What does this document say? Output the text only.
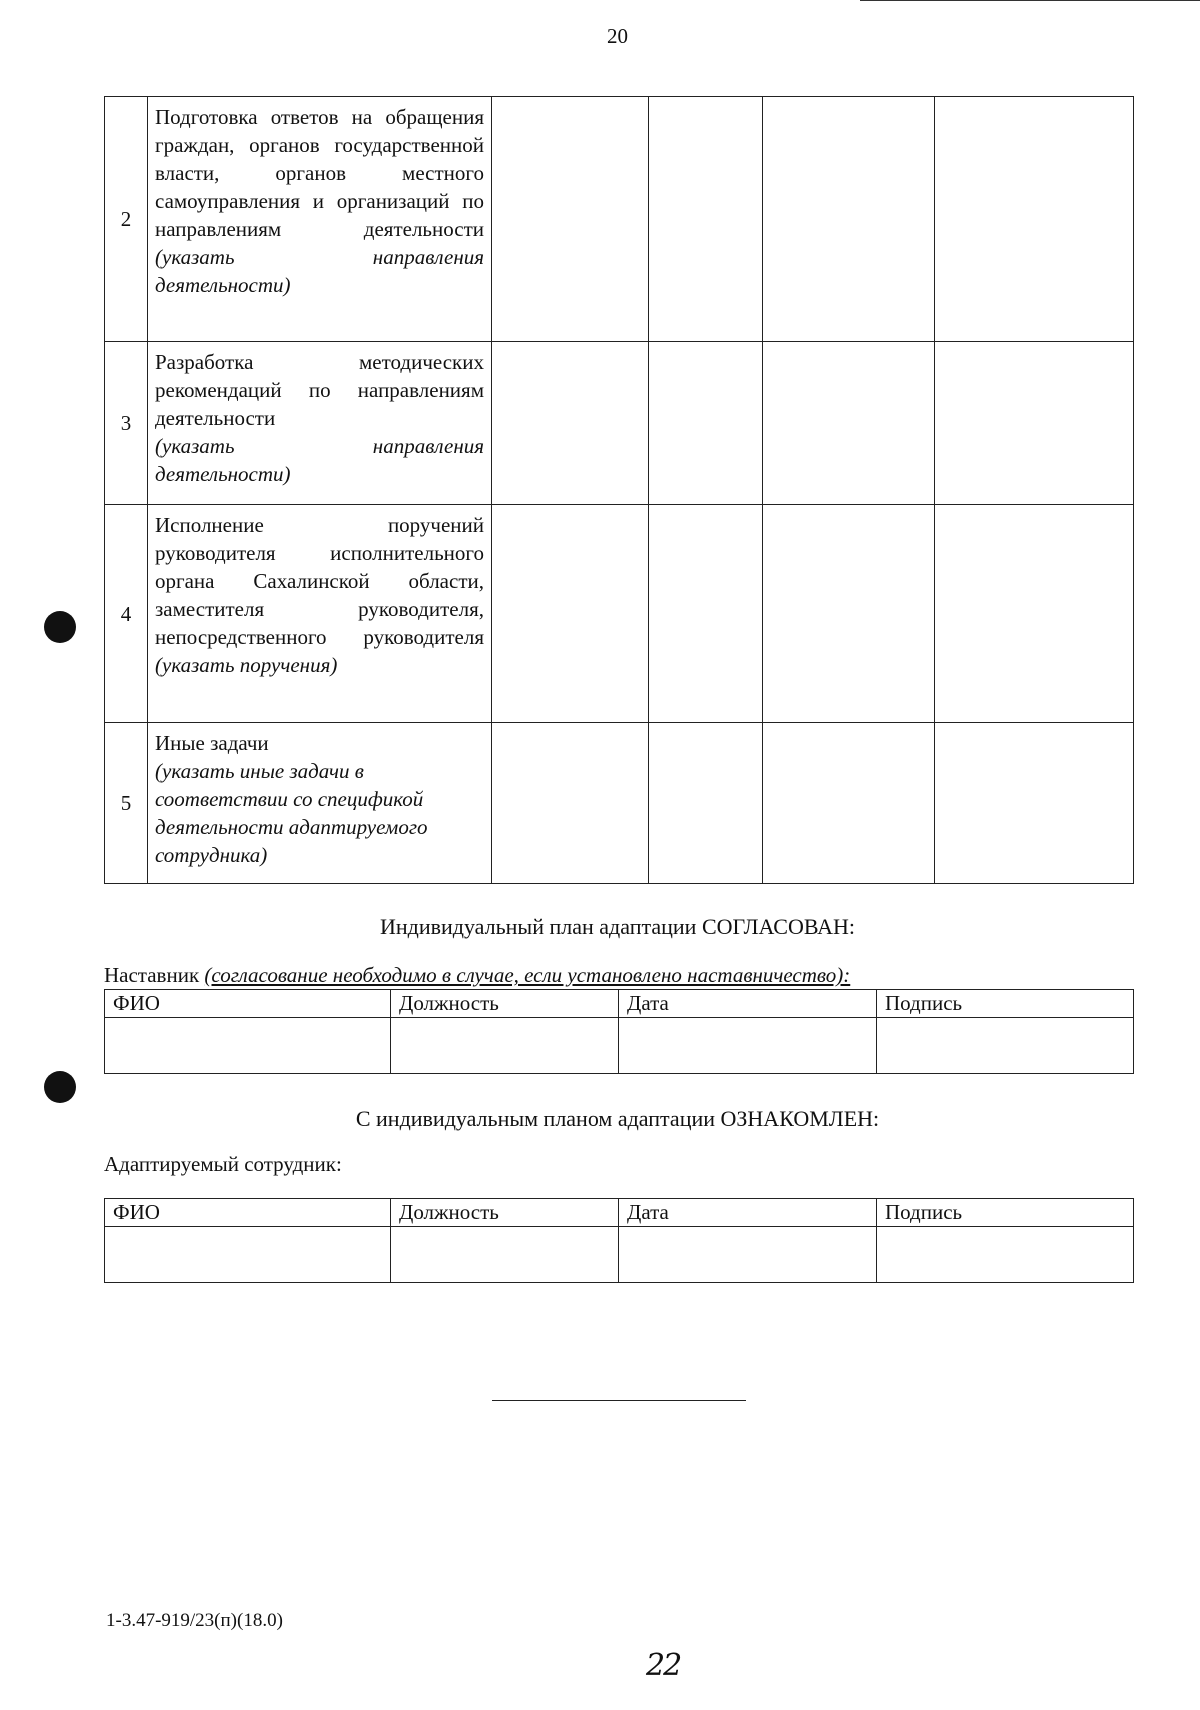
20
2	Подготовка ответов на обращения граждан, органов государственной власти, органов местного самоуправления и организаций по направлениям деятельности
(указать направления деятельности)				

3	Разработка методических рекомендаций по направлениям деятельности
(указать направления деятельности)				

4	Исполнение поручений руководителя исполнительного органа Сахалинской области, заместителя руководителя, непосредственного руководителя
(указать поручения)				

5	Иные задачи
(указать иные задачи в соответствии со спецификой деятельности адаптируемого сотрудника)				

Индивидуальный план адаптации СОГЛАСОВАН:
Наставник (согласование необходимо в случае, если установлено наставничество):
ФИО	Должность	Дата	Подпись

С индивидуальным планом адаптации ОЗНАКОМЛЕН:
Адаптируемый сотрудник:
ФИО	Должность	Дата	Подпись

1-3.47-919/23(п)(18.0)
22
